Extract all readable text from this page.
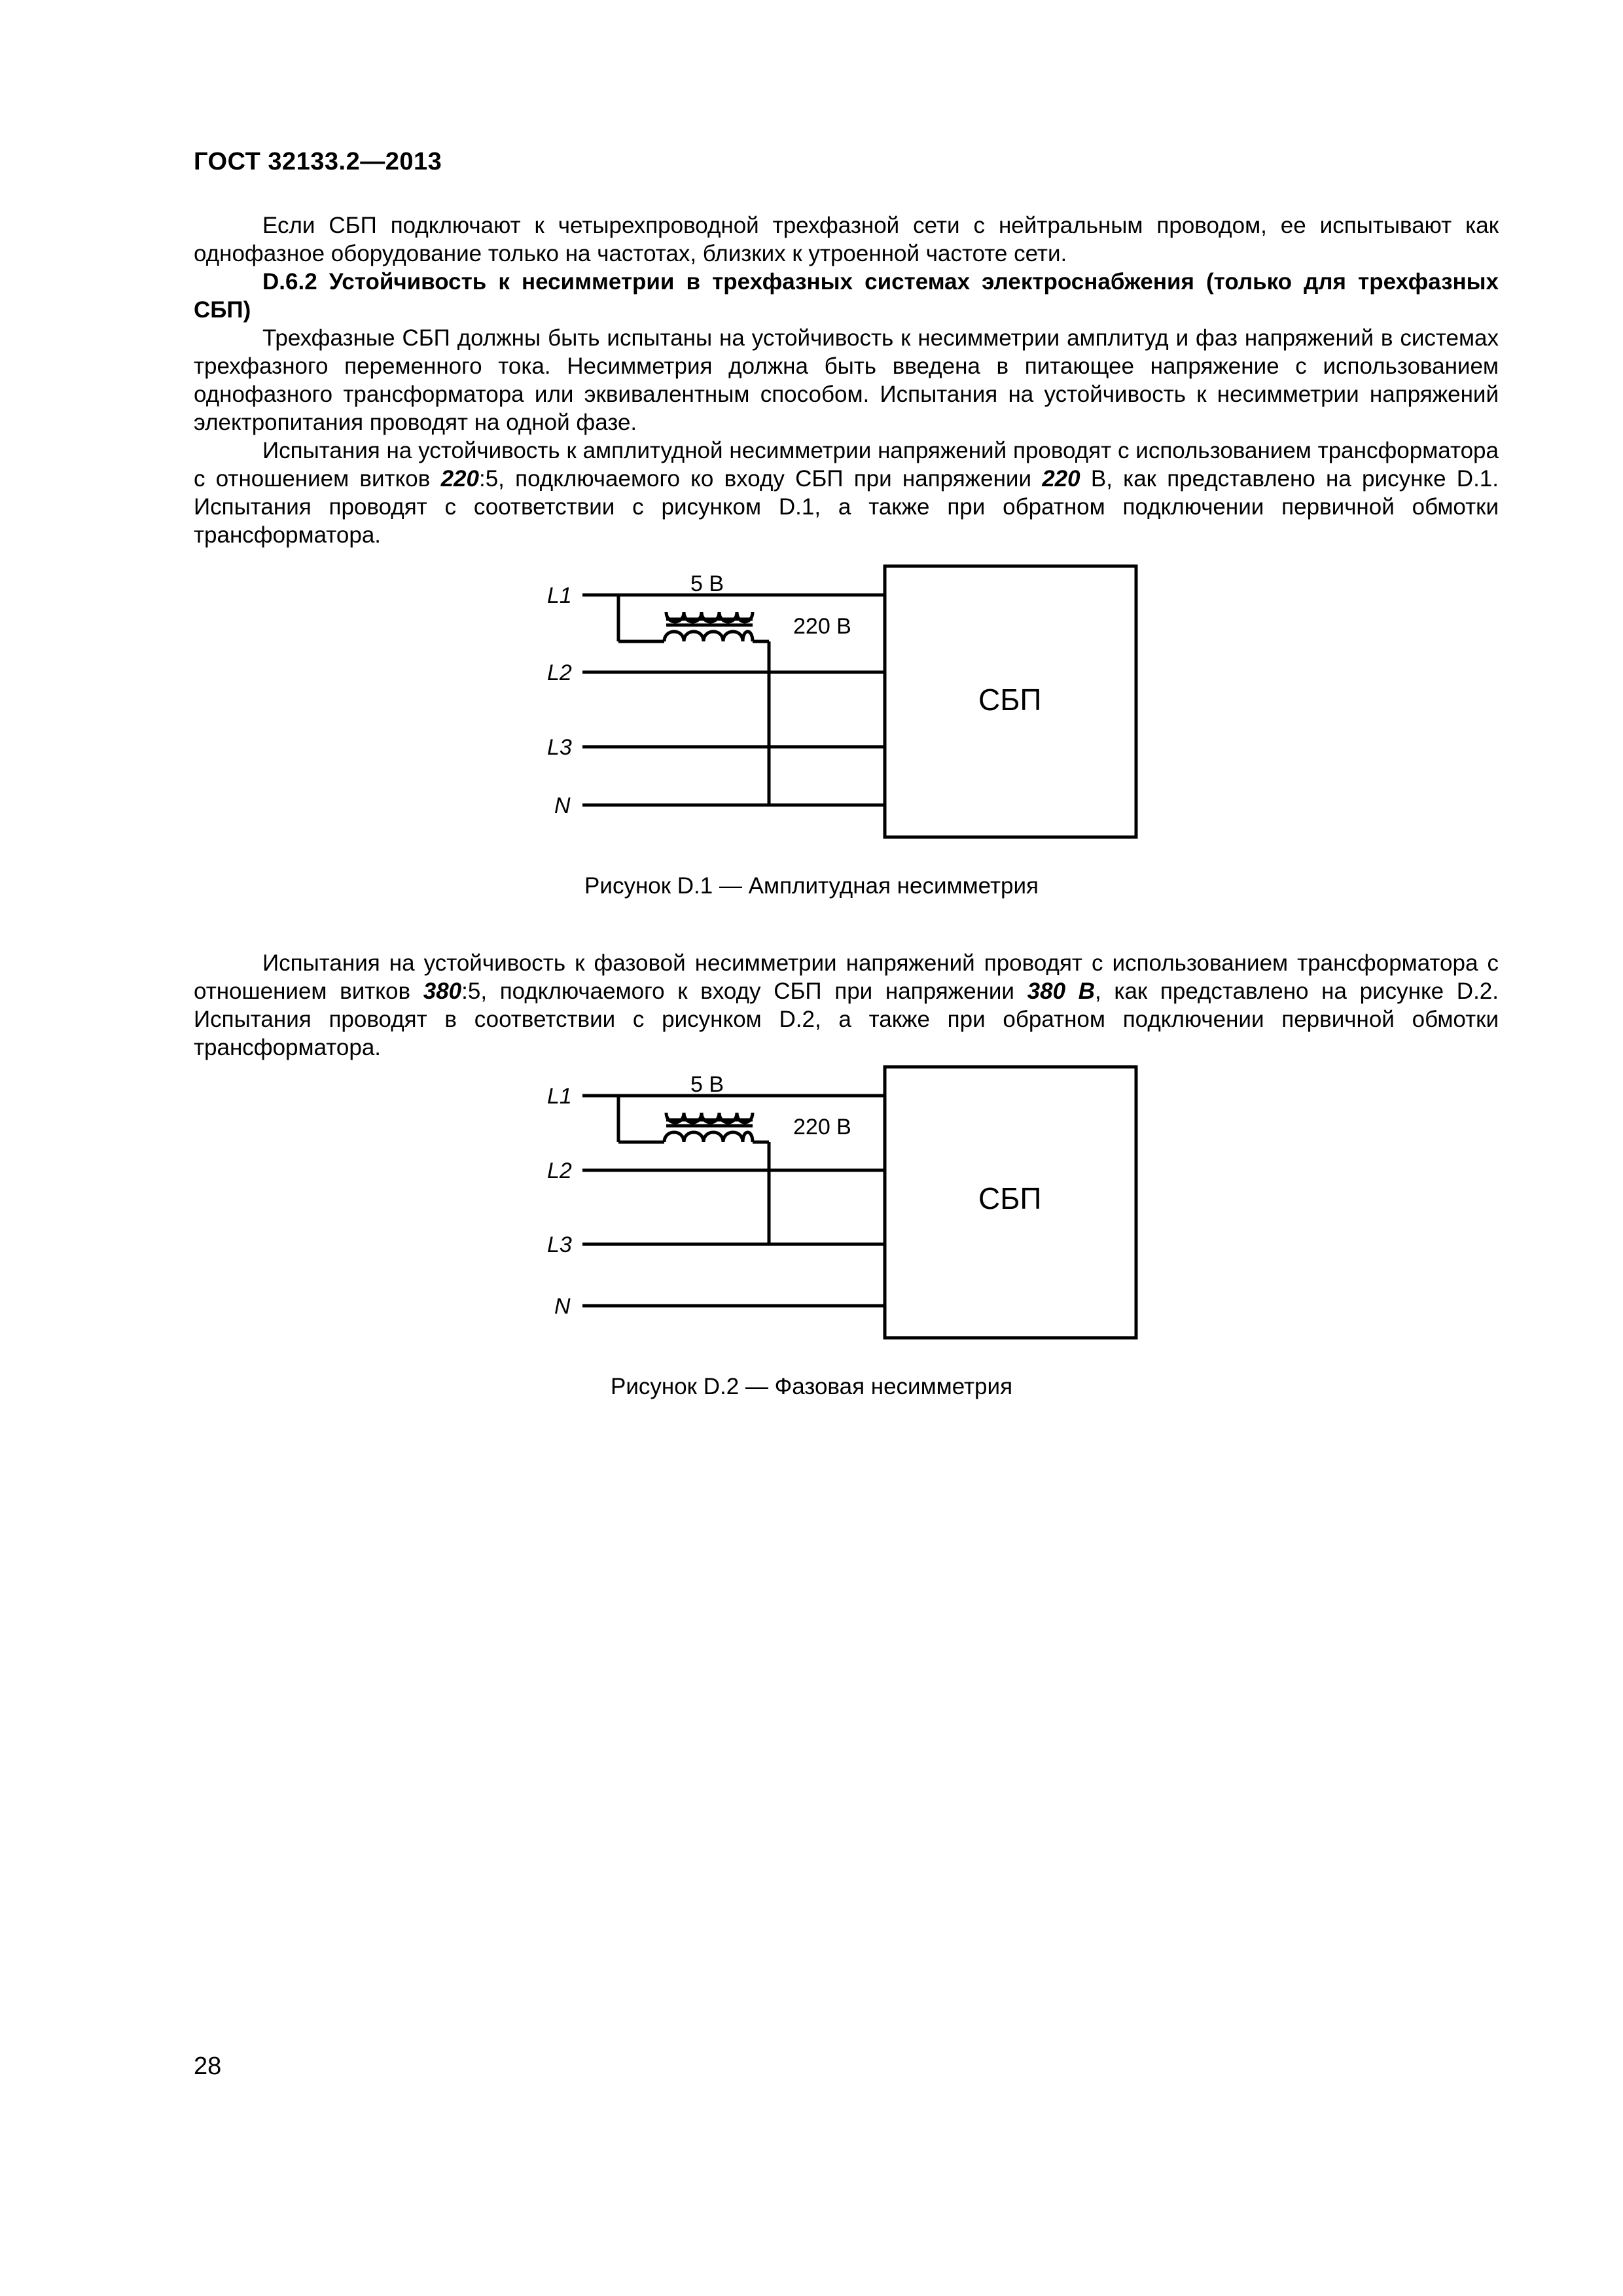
ГОСТ 32133.2—2013

Если СБП подключают к четырехпроводной трехфазной сети с нейтральным проводом, ее испытывают как однофазное оборудование только на частотах, близких к утроенной частоте сети.

D.6.2 Устойчивость к несимметрии в трехфазных системах электроснабжения (только для трехфазных СБП)

Трехфазные СБП должны быть испытаны на устойчивость к несимметрии амплитуд и фаз напряжений в системах трехфазного переменного тока. Несимметрия должна быть введена в питающее напряжение с использованием однофазного трансформатора или эквивалентным способом. Испытания на устойчивость к несимметрии напряжений электропитания проводят на одной фазе.

Испытания на устойчивость к амплитудной несимметрии напряжений проводят с использованием трансформатора с отношением витков 220:5, подключаемого ко входу СБП при напряжении 220 В, как представлено на рисунке D.1. Испытания проводят с соответствии с рисунком D.1, а также при обратном подключении первичной обмотки трансформатора.

L1
L2
L3
N
5 В
220 В
СБП
Рисунок D.1 — Амплитудная несимметрия

Испытания на устойчивость к фазовой несимметрии напряжений проводят с использованием трансформатора с отношением витков 380:5, подключаемого к входу СБП при напряжении 380 В, как представлено на рисунке D.2. Испытания проводят в соответствии с рисунком D.2, а также при обратном подключении первичной обмотки трансформатора.

L1
L2
L3
N
5 В
220 В
СБП
Рисунок D.2 — Фазовая несимметрия
28
